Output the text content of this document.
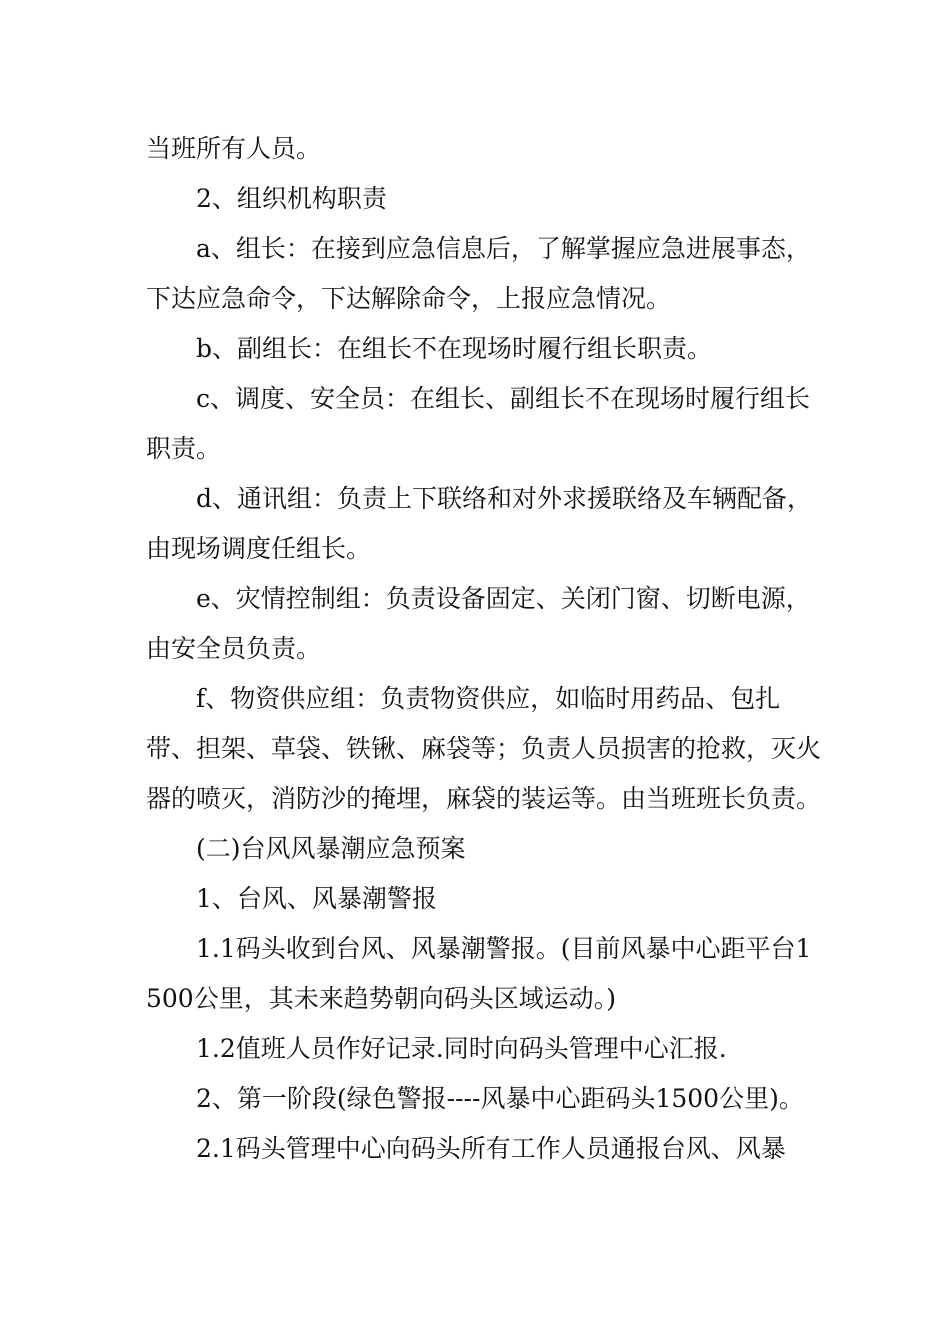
当班所有人员。

2、组织机构职责

a、组长：在接到应急信息后，了解掌握应急进展事态，下达应急命令，下达解除命令，上报应急情况。

b、副组长：在组长不在现场时履行组长职责。

c、调度、安全员：在组长、副组长不在现场时履行组长职责。

d、通讯组：负责上下联络和对外求援联络及车辆配备，由现场调度任组长。

e、灾情控制组：负责设备固定、关闭门窗、切断电源，由安全员负责。

f、物资供应组：负责物资供应，如临时用药品、包扎带、担架、草袋、铁锹、麻袋等；负责人员损害的抢救，灭火器的喷灭，消防沙的掩埋，麻袋的装运等。由当班班长负责。

(二)台风风暴潮应急预案

1、台风、风暴潮警报

1.1码头收到台风、风暴潮警报。(目前风暴中心距平台1500公里，其未来趋势朝向码头区域运动。)

1.2值班人员作好记录.同时向码头管理中心汇报.

2、第一阶段(绿色警报----风暴中心距码头1500公里)。

2.1码头管理中心向码头所有工作人员通报台风、风暴
